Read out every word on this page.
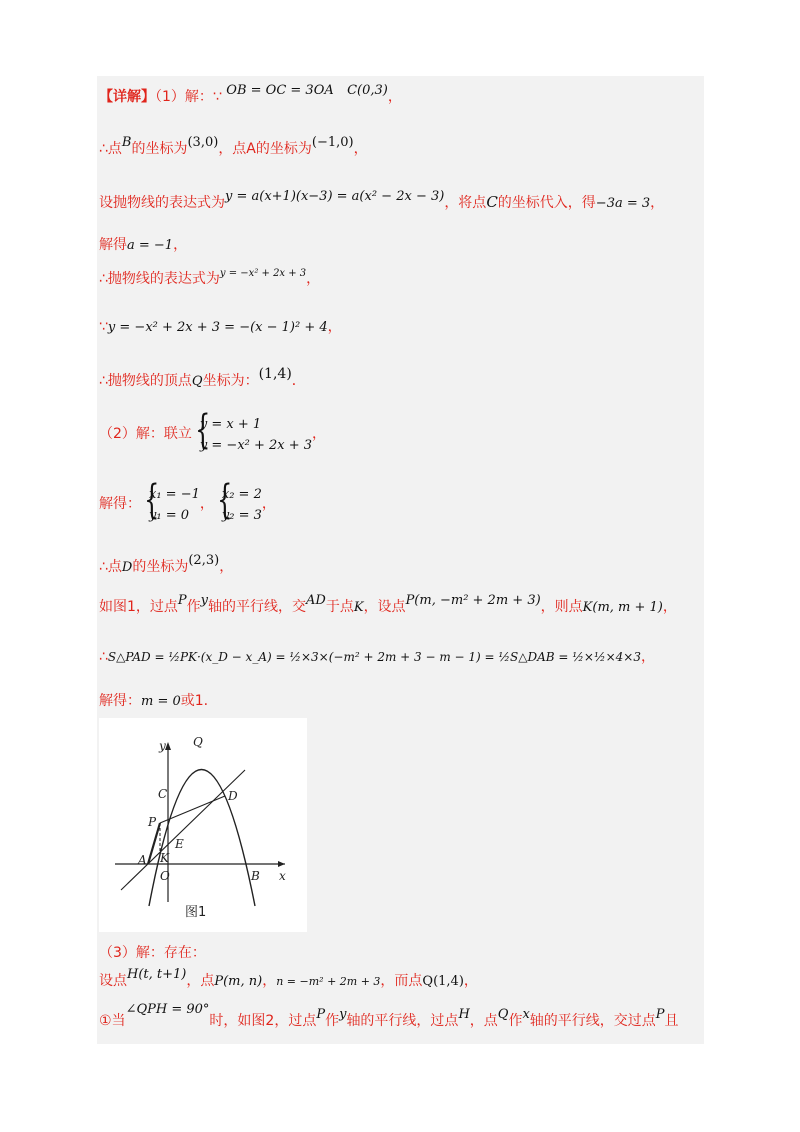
【详解】（1）解：∵ OB = OC = 3OA C(0,3)，
∴点B的坐标为(3,0)，点A的坐标为(−1,0)，
设抛物线的表达式为y = a(x+1)(x−3) = a(x² − 2x − 3)，将点C的坐标代入，得−3a = 3，
解得a = −1，
∴抛物线的表达式为$^{y = -x^2 + 2x + 3}$，
∵y = −x² + 2x + 3 = −(x − 1)² + 4，
∴抛物线的顶点Q坐标为：(1,4)．
（2）解：联立
{ y = x + 1
y = −x² + 2x + 3
，
解得：
{ x₁ = −1
y₁ = 0
，
{ x₂ = 2
y₂ = 3
，
∴点D的坐标为(2,3)，
如图1，过点P作y轴的平行线，交AD于点K，设点P(m, −m² + 2m + 3)，则点K(m, m + 1)，
∴S△PAD = ½PK·(x_D − x_A) = ½×3×(−m² + 2m + 3 − m − 1) = ½S△DAB = ½×½×4×3，
解得：m = 0或1.
y Q
C	D
P
E
A K
O	B x
图1
（3）解：存在：
设点H(t, t+1)，点P(m, n)，n = −m² + 2m + 3，而点Q(1,4)，
①当∠QPH = 90°时，如图2，过点P作y轴的平行线，过点H，点Q作x轴的平行线，交过点P且
